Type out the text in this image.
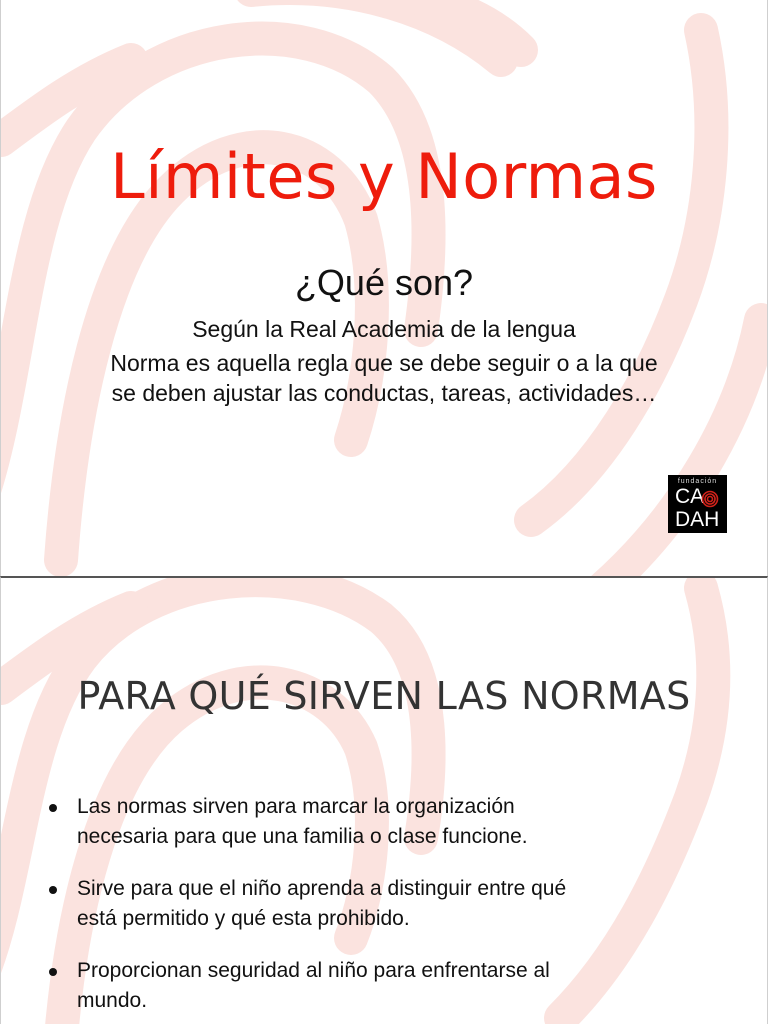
Límites y Normas
¿Qué son?
Según la Real Academia de la lengua
Norma es aquella regla que se debe seguir o a la que
se deben ajustar las conductas, tareas, actividades…
fundación
CA
DAH
PARA QUÉ SIRVEN LAS NORMAS
Las normas sirven para marcar la organización
necesaria para que una familia o clase funcione.
Sirve para que el niño aprenda a distinguir entre qué
está permitido y qué esta prohibido.
Proporcionan seguridad al niño para enfrentarse al
mundo.
